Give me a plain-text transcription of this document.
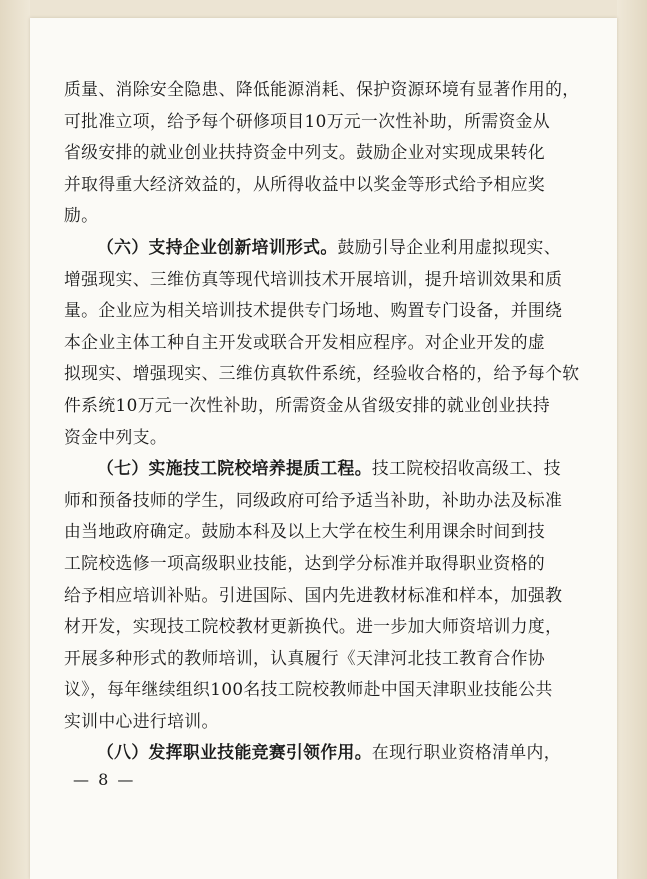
质量、消除安全隐患、降低能源消耗、保护资源环境有显著作用的，
可批准立项，给予每个研修项目10万元一次性补助，所需资金从
省级安排的就业创业扶持资金中列支。鼓励企业对实现成果转化
并取得重大经济效益的，从所得收益中以奖金等形式给予相应奖
励。
（六）支持企业创新培训形式。鼓励引导企业利用虚拟现实、
增强现实、三维仿真等现代培训技术开展培训，提升培训效果和质
量。企业应为相关培训技术提供专门场地、购置专门设备，并围绕
本企业主体工种自主开发或联合开发相应程序。对企业开发的虚
拟现实、增强现实、三维仿真软件系统，经验收合格的，给予每个软
件系统10万元一次性补助，所需资金从省级安排的就业创业扶持
资金中列支。
（七）实施技工院校培养提质工程。技工院校招收高级工、技
师和预备技师的学生，同级政府可给予适当补助，补助办法及标准
由当地政府确定。鼓励本科及以上大学在校生利用课余时间到技
工院校选修一项高级职业技能，达到学分标准并取得职业资格的
给予相应培训补贴。引进国际、国内先进教材标准和样本，加强教
材开发，实现技工院校教材更新换代。进一步加大师资培训力度，
开展多种形式的教师培训，认真履行《天津河北技工教育合作协
议》，每年继续组织100名技工院校教师赴中国天津职业技能公共
实训中心进行培训。
（八）发挥职业技能竞赛引领作用。在现行职业资格清单内，
— 8 —
